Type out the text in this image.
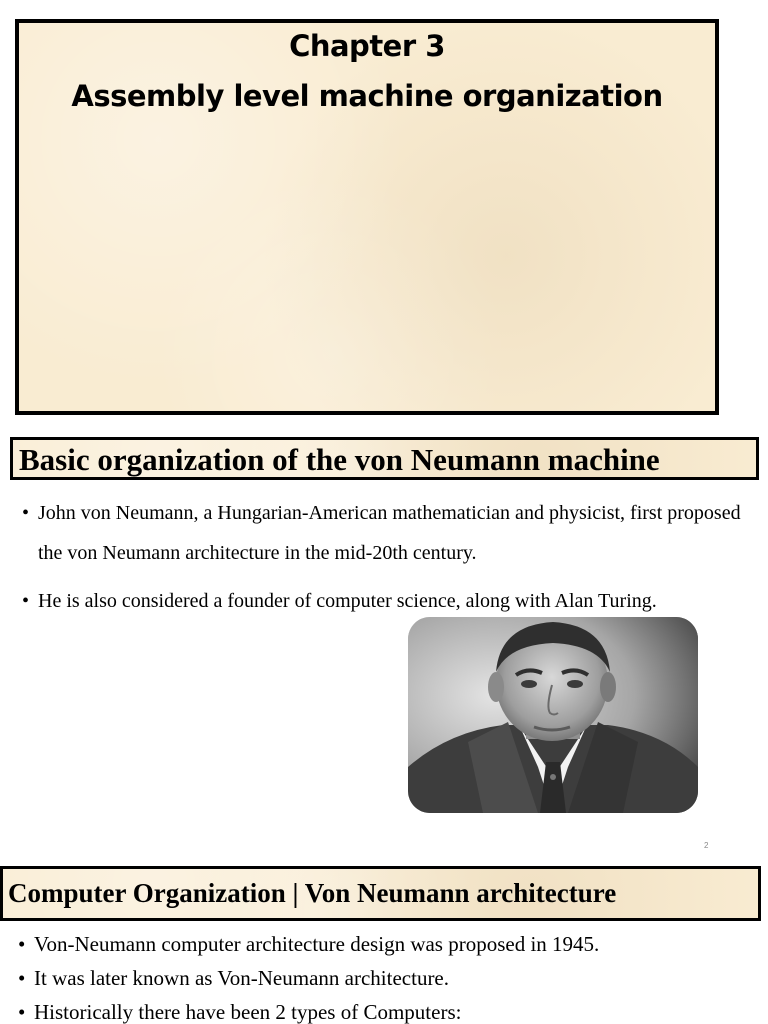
Chapter 3
Assembly level machine organization
Basic organization of the von Neumann machine
• John von Neumann, a Hungarian-American mathematician and physicist, first proposed the von Neumann architecture in the mid-20th century.
• He is also considered a founder of computer science, along with Alan Turing.
2
Computer Organization | Von Neumann architecture
• Von-Neumann computer architecture design was proposed in 1945.
• It was later known as Von-Neumann architecture.
• Historically there have been 2 types of Computers:
